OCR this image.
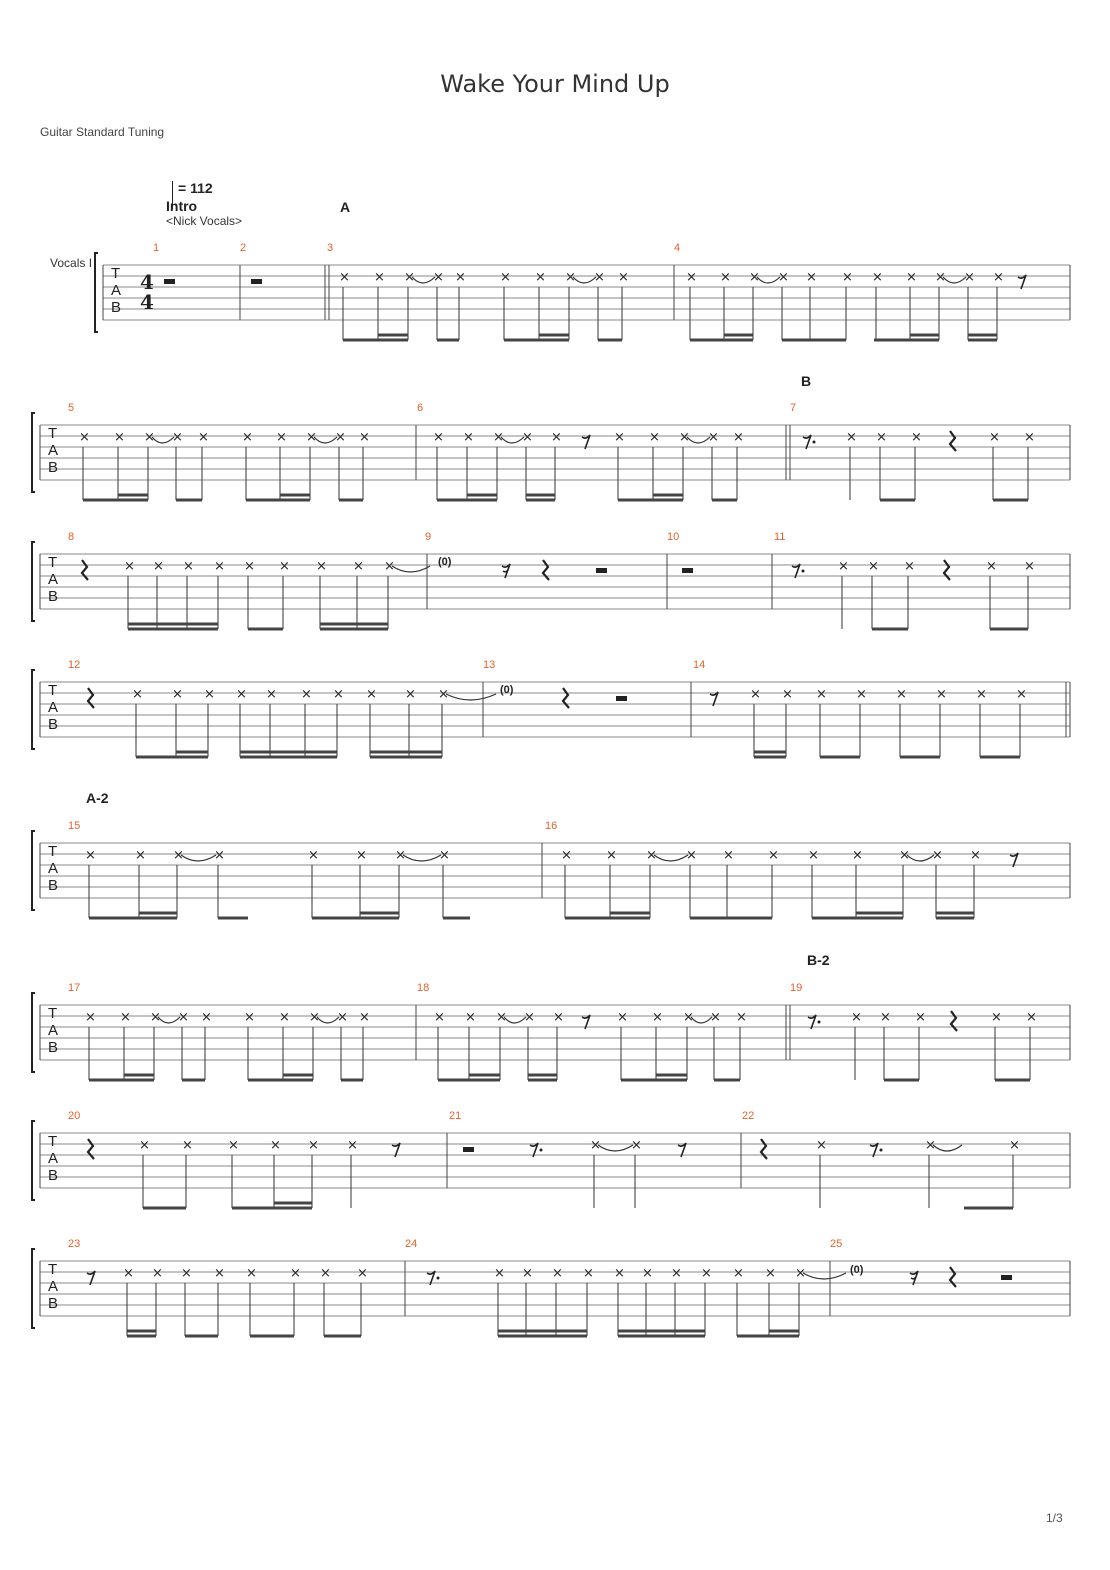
Wake Your Mind Up
Guitar Standard Tuning
= 112
Intro
<Nick Vocals>
Vocals I
A
B
A-2
B-2
1/3
T
A
B
4
4
1	2	3	4
× × × × ×	× × × × ×	× × × × × × × × × × ×
T
A
B
5	6	7
× × × × ×	× × × × ×	× × × × ×	× × × × ×	× × ×	× ×
T
A
B
8	9	10	11
× × × × × × × × ×	× × ×	× ×
T
A
B
12	13	14
× × × × × × × × × ×	× × × × × × × ×
T
A
B
15	16
×	× × ×	×	× ×	×	×	× × × ×	× ×	×	× × ×
T
A
B
17	18	19
× × × × × × × × × ×	× × × × ×	× × × × ×	× × ×	× ×
T
A
B
20	21	22
× ×	× × × ×	× ×	×	×	×
T
A
B
23	24	25
× × × × ×	× × ×	× × × × × × × × × × ×
(0)
(0)
(0)
